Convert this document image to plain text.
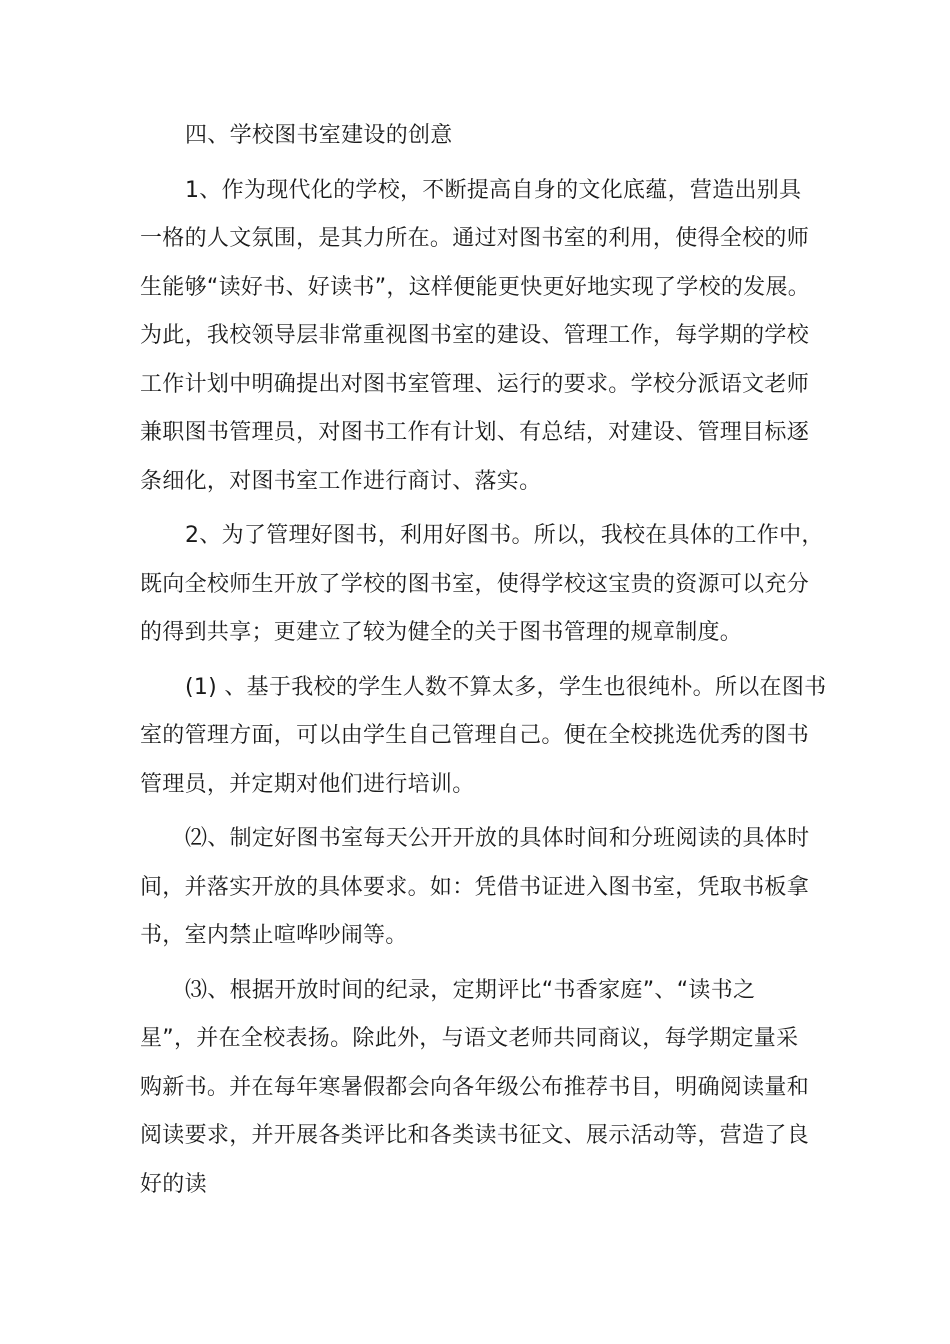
四、学校图书室建设的创意
1、作为现代化的学校，不断提高自身的文化底蕴，营造出别具
一格的人文氛围，是其力所在。通过对图书室的利用，使得全校的师
生能够“读好书、好读书”，这样便能更快更好地实现了学校的发展。
为此，我校领导层非常重视图书室的建设、管理工作，每学期的学校
工作计划中明确提出对图书室管理、运行的要求。学校分派语文老师
兼职图书管理员，对图书工作有计划、有总结，对建设、管理目标逐
条细化，对图书室工作进行商讨、落实。
2、为了管理好图书，利用好图书。所以，我校在具体的工作中，
既向全校师生开放了学校的图书室，使得学校这宝贵的资源可以充分
的得到共享；更建立了较为健全的关于图书管理的规章制度。
(1) 、基于我校的学生人数不算太多，学生也很纯朴。所以在图书
室的管理方面，可以由学生自己管理自己。便在全校挑选优秀的图书
管理员，并定期对他们进行培训。
⑵、制定好图书室每天公开开放的具体时间和分班阅读的具体时
间，并落实开放的具体要求。如：凭借书证进入图书室，凭取书板拿
书，室内禁止喧哗吵闹等。
⑶、根据开放时间的纪录，定期评比“书香家庭”、“读书之
星”，并在全校表扬。除此外，与语文老师共同商议，每学期定量采
购新书。并在每年寒暑假都会向各年级公布推荐书目，明确阅读量和
阅读要求，并开展各类评比和各类读书征文、展示活动等，营造了良
好的读
